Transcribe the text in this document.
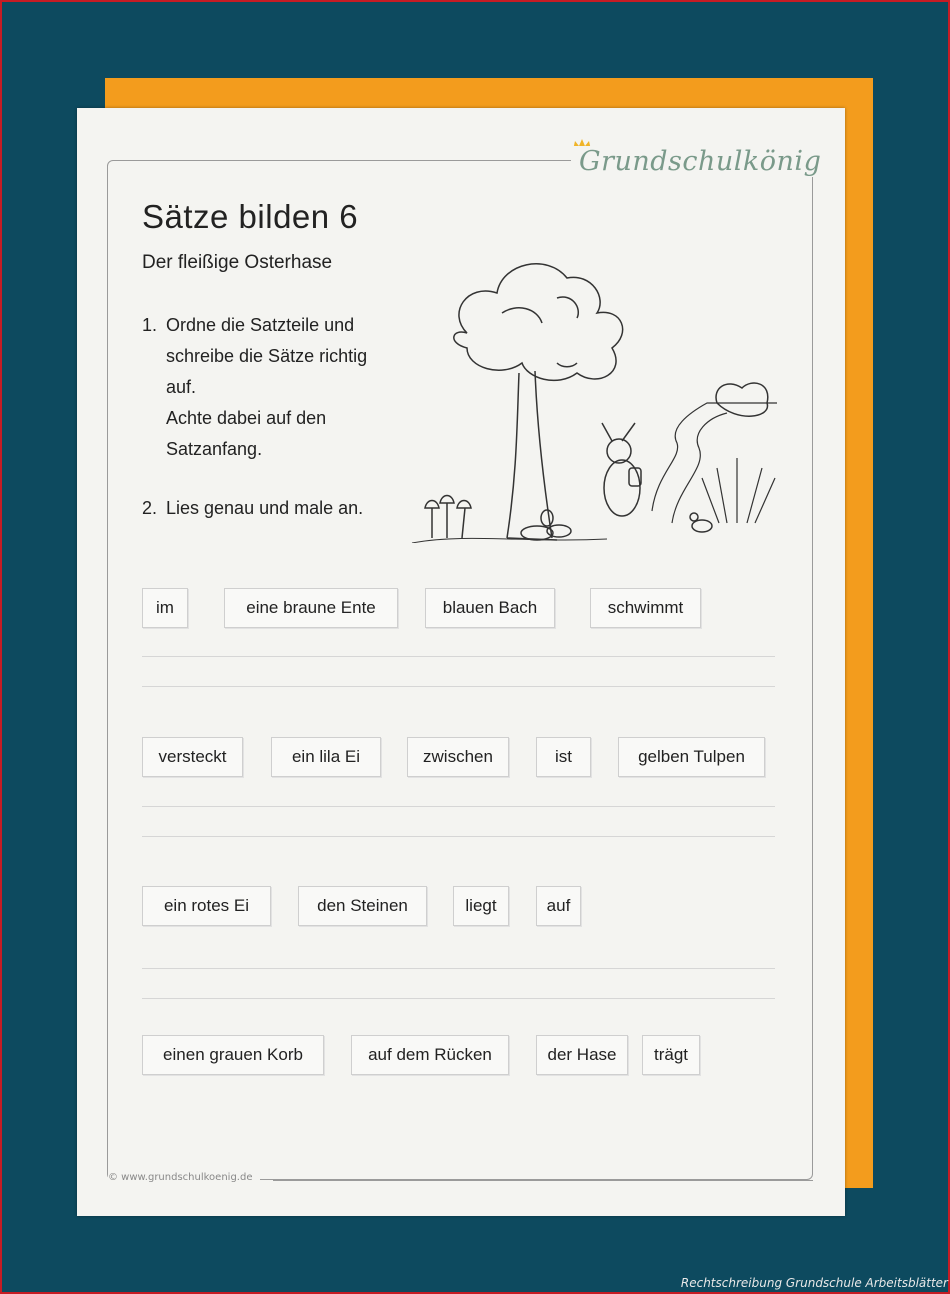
Grundschulkönig
Sätze bilden 6
Der fleißige Osterhase
1. Ordne die Satzteile und
schreibe die Sätze richtig
auf.
Achte dabei auf den
Satzanfang.
2. Lies genau und male an.
im	eine braune Ente	blauen Bach	schwimmt
versteckt	ein lila Ei	zwischen	ist	gelben Tulpen
ein rotes Ei	den Steinen	liegt	auf
einen grauen Korb	auf dem Rücken	der Hase	trägt
© www.grundschulkoenig.de
Rechtschreibung Grundschule Arbeitsblätter
